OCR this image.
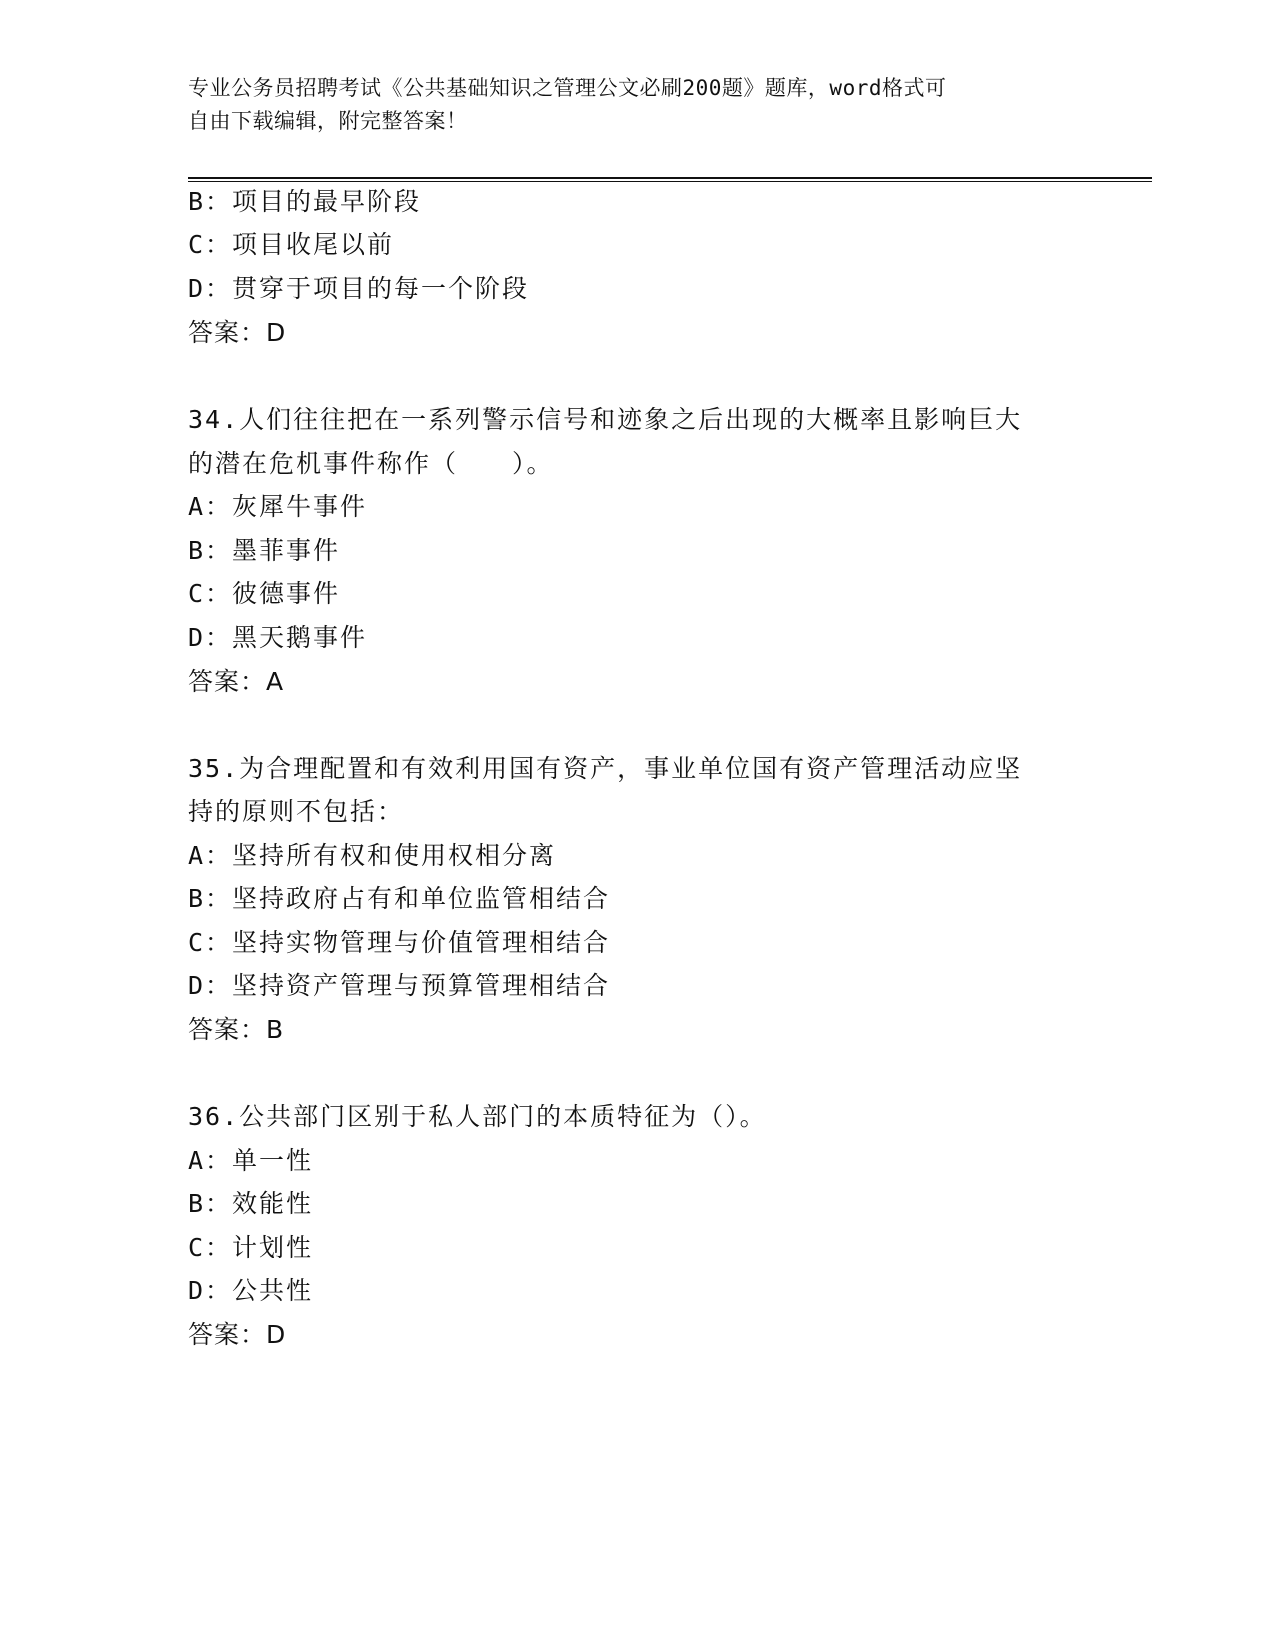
专业公务员招聘考试《公共基础知识之管理公文必刷200题》题库，word格式可
自由下载编辑，附完整答案！

B：项目的最早阶段

C：项目收尾以前

D：贯穿于项目的每一个阶段

答案：D

34.人们往往把在一系列警示信号和迹象之后出现的大概率且影响巨大

的潜在危机事件称作（　　）。

A：灰犀牛事件

B：墨菲事件

C：彼德事件

D：黑天鹅事件

答案：A

35.为合理配置和有效利用国有资产，事业单位国有资产管理活动应坚

持的原则不包括：

A：坚持所有权和使用权相分离

B：坚持政府占有和单位监管相结合

C：坚持实物管理与价值管理相结合

D：坚持资产管理与预算管理相结合

答案：B

36.公共部门区别于私人部门的本质特征为（）。

A：单一性

B：效能性

C：计划性

D：公共性

答案：D
